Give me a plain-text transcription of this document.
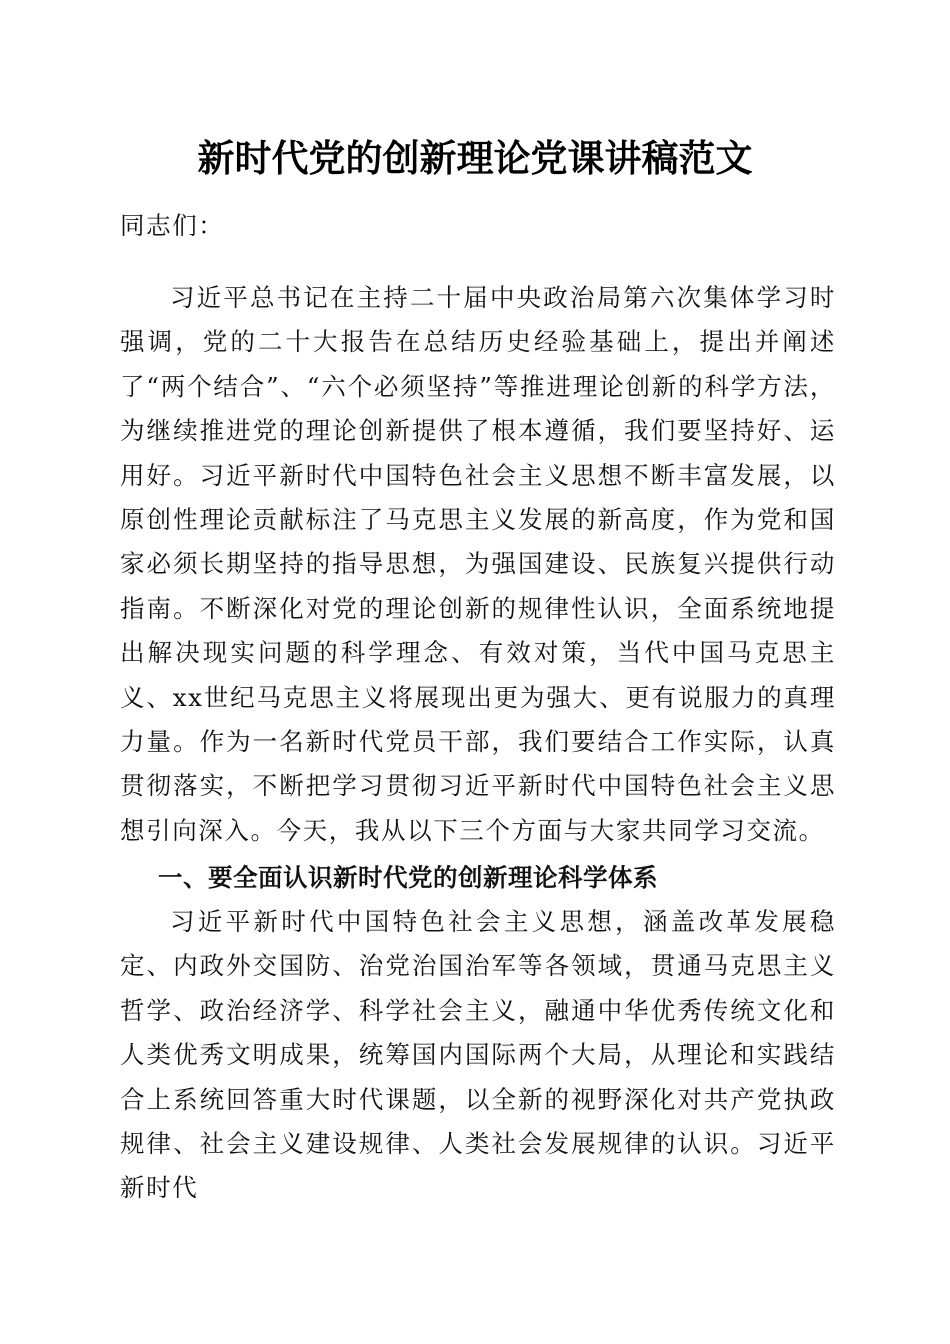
新时代党的创新理论党课讲稿范文
同志们：
习近平总书记在主持二十届中央政治局第六次集体学习时强调，党的二十大报告在总结历史经验基础上，提出并阐述了“两个结合”、“六个必须坚持”等推进理论创新的科学方法，为继续推进党的理论创新提供了根本遵循，我们要坚持好、运用好。习近平新时代中国特色社会主义思想不断丰富发展，以原创性理论贡献标注了马克思主义发展的新高度，作为党和国家必须长期坚持的指导思想，为强国建设、民族复兴提供行动指南。不断深化对党的理论创新的规律性认识，全面系统地提出解决现实问题的科学理念、有效对策，当代中国马克思主义、xx世纪马克思主义将展现出更为强大、更有说服力的真理力量。作为一名新时代党员干部，我们要结合工作实际，认真贯彻落实，不断把学习贯彻习近平新时代中国特色社会主义思想引向深入。今天，我从以下三个方面与大家共同学习交流。
一、要全面认识新时代党的创新理论科学体系
习近平新时代中国特色社会主义思想，涵盖改革发展稳定、内政外交国防、治党治国治军等各领域，贯通马克思主义哲学、政治经济学、科学社会主义，融通中华优秀传统文化和人类优秀文明成果，统筹国内国际两个大局，从理论和实践结合上系统回答重大时代课题，以全新的视野深化对共产党执政规律、社会主义建设规律、人类社会发展规律的认识。习近平新时代
